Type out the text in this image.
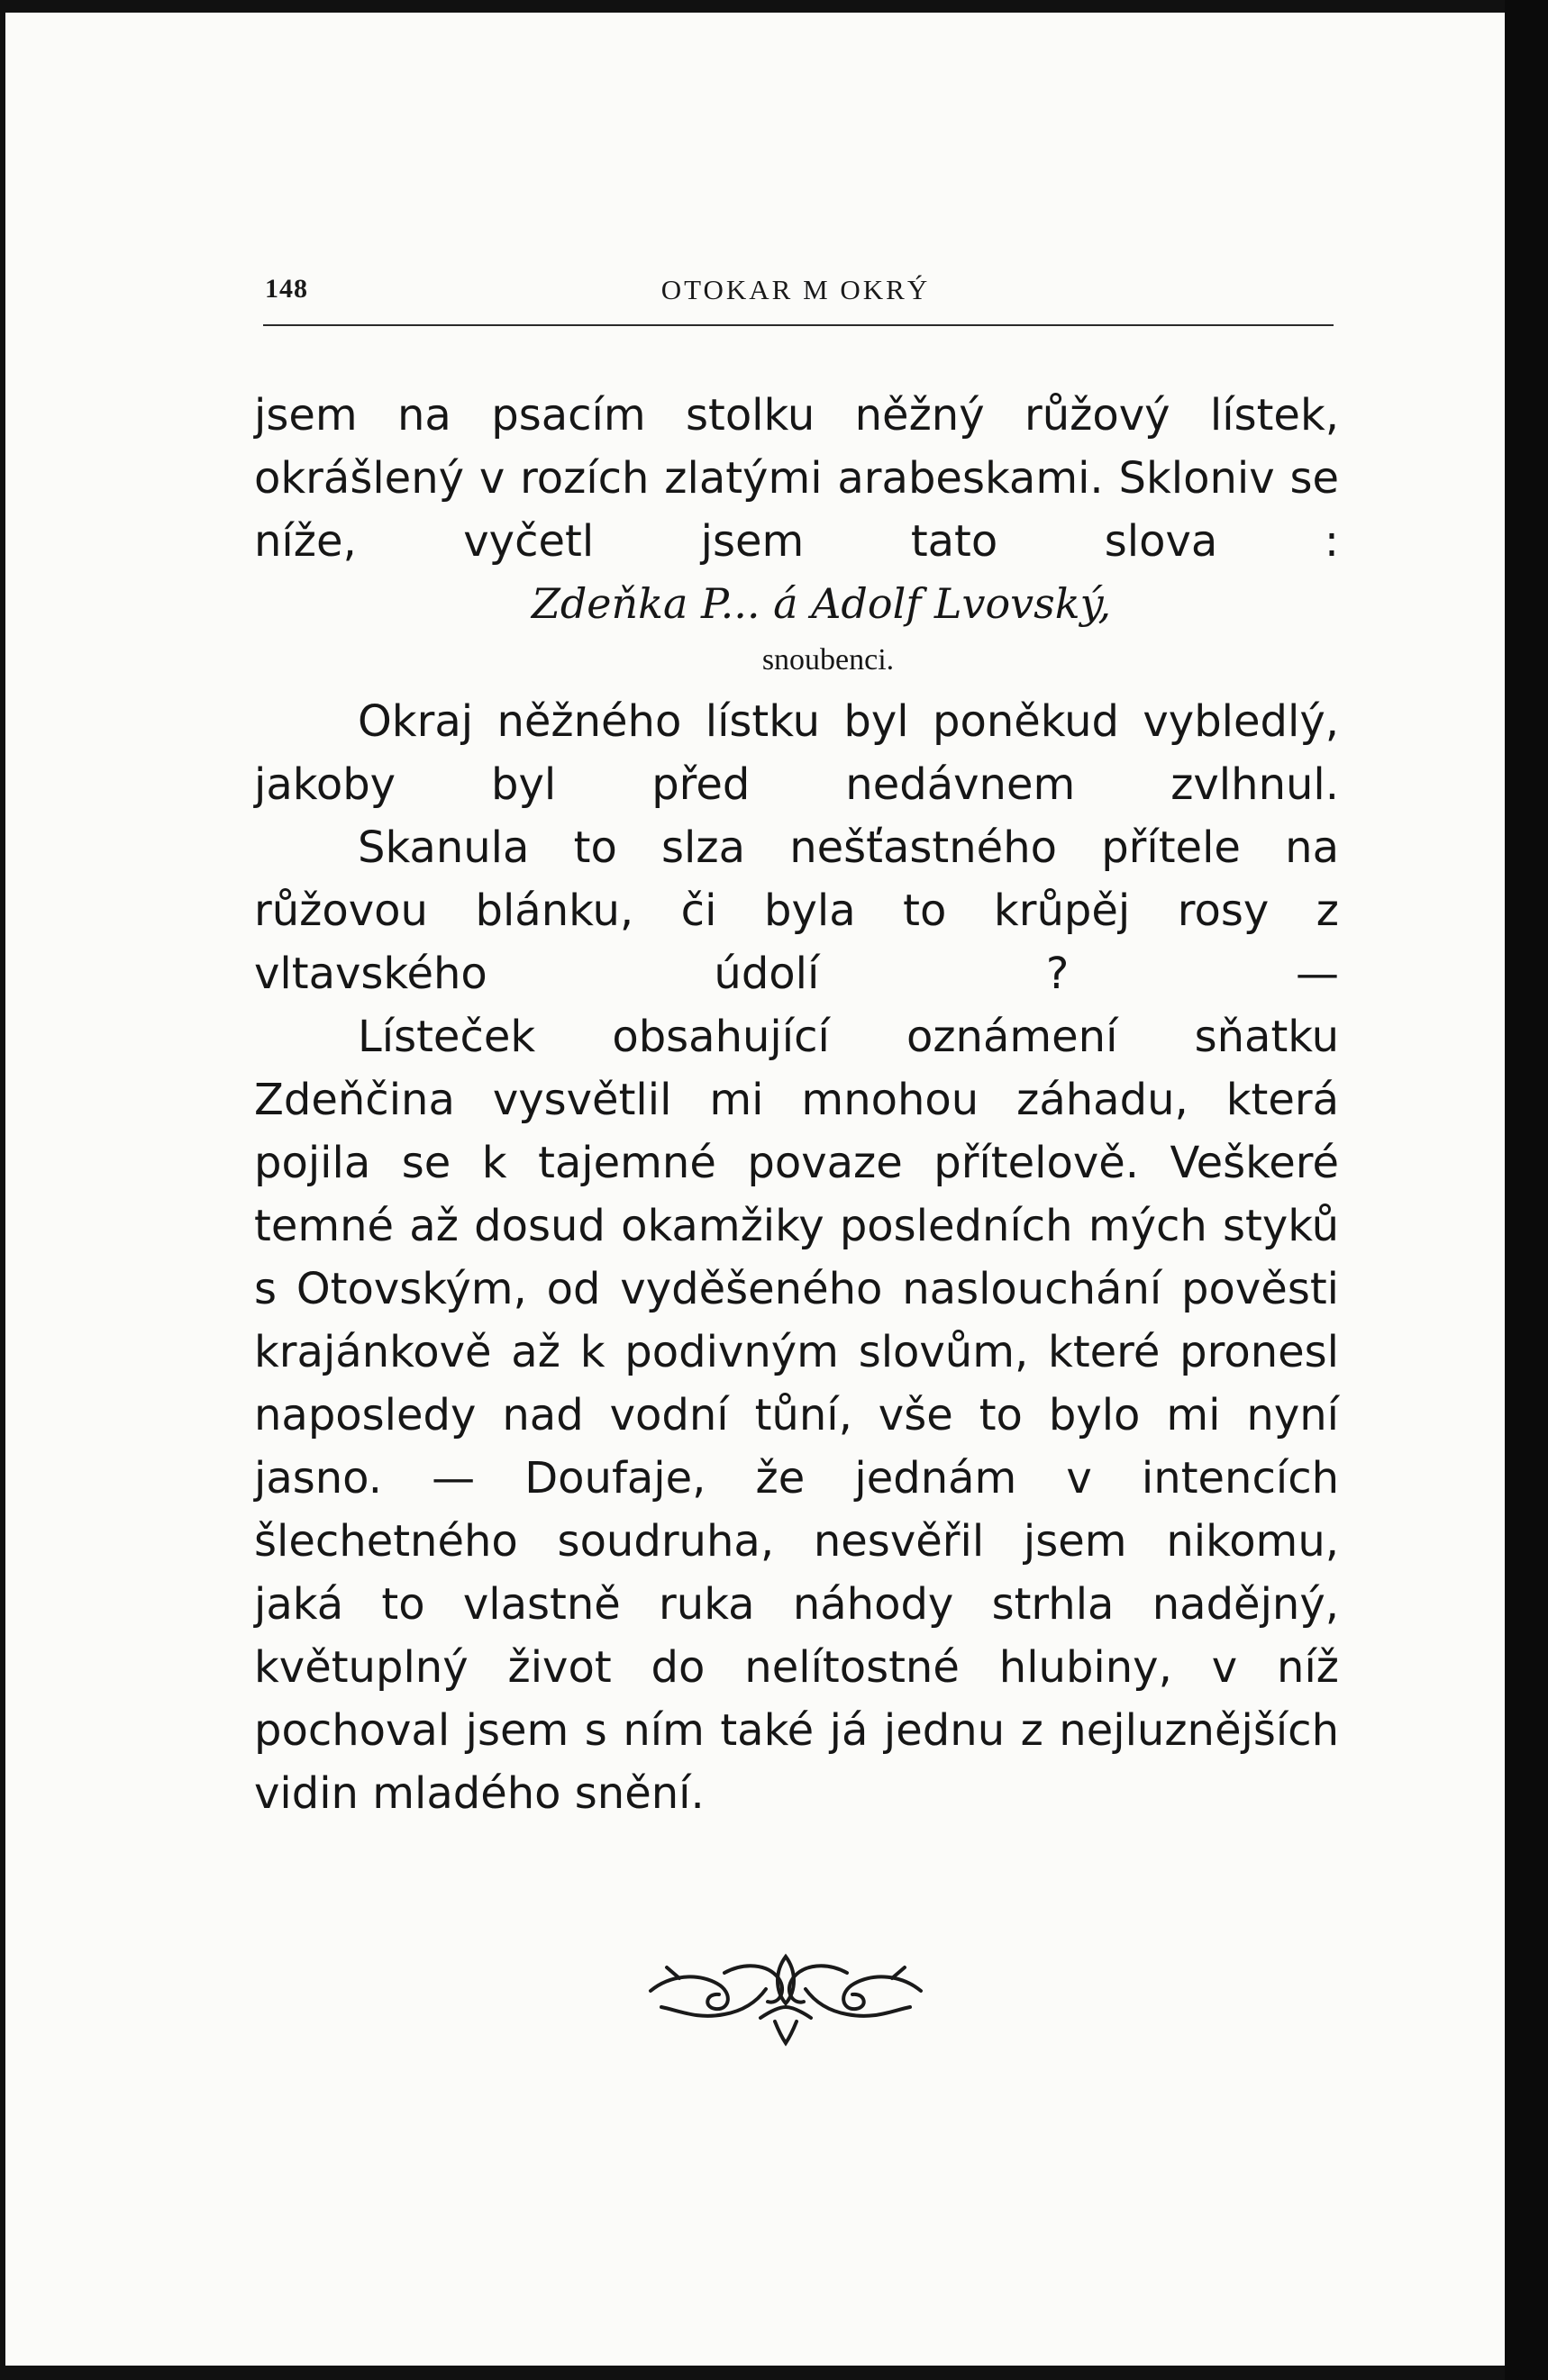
148	OTOKAR M OKRÝ

jsem na psacím stolku něžný růžový lístek, okrášlený v rozích zlatými arabeskami. Skloniv se níže, vyčetl jsem tato slova :

Zdeňka P... á Adolf Lvovský,

snoubenci.

Okraj něžného lístku byl poněkud vybledlý, jakoby byl před nedávnem zvlhnul.

Skanula to slza nešťastného přítele na růžovou blánku, či byla to krůpěj rosy z vltavského údolí ? —

Lísteček obsahující oznámení sňatku Zdeňčina vysvětlil mi mnohou záhadu, která pojila se k tajemné povaze přítelově. Veškeré temné až dosud okamžiky posledních mých styků s Otovským, od vyděšeného naslouchání pověsti krajánkově až k podivným slovům, které pronesl naposledy nad vodní tůní, vše to bylo mi nyní jasno. — Doufaje, že jednám v intencích šlechetného soudruha, nesvěřil jsem nikomu, jaká to vlastně ruka náhody strhla nadějný, květuplný život do nelítostné hlubiny, v níž pochoval jsem s ním také já jednu z nejluznějších vidin mladého snění.
